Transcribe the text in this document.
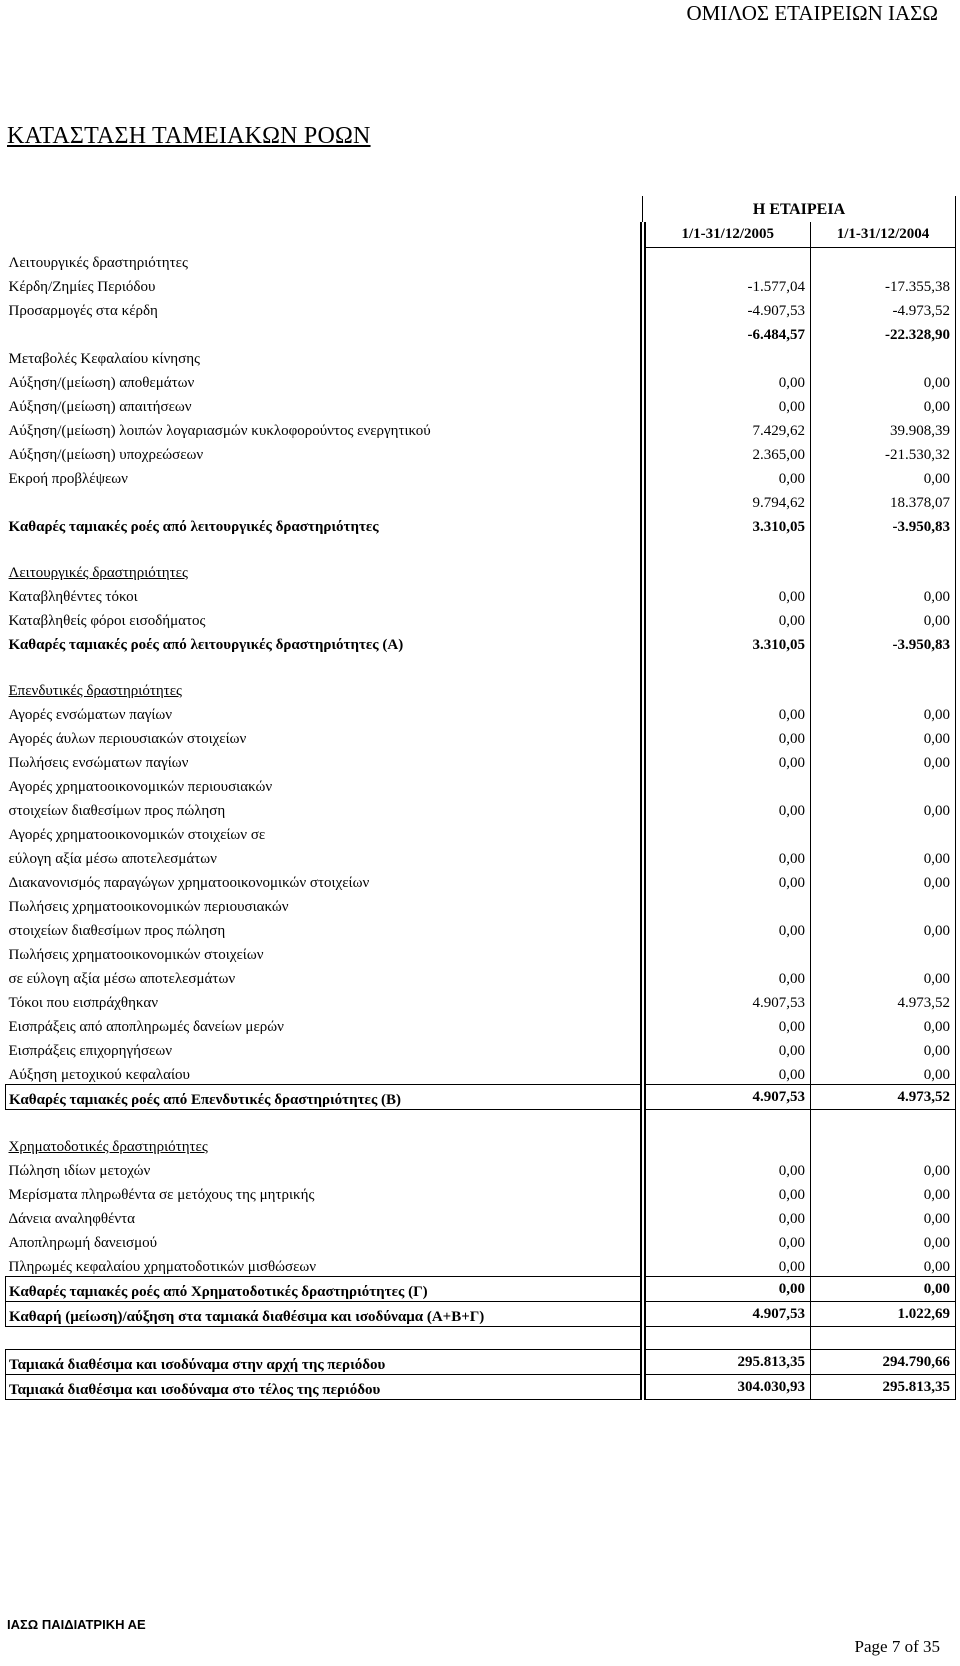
ΟΜΙΛΟΣ ΕΤΑΙΡΕΙΩΝ ΙΑΣΩ
ΚΑΤΑΣΤΑΣΗ ΤΑΜΕΙΑΚΩΝ ΡΟΩΝ
	Η ΕΤΑΙΡΕΙΑ	
	1/1-31/12/2005	1/1-31/12/2004
Λειτουργικές δραστηριότητες		
Κέρδη/Ζημίες Περιόδου	-1.577,04	-17.355,38
Προσαρμογές στα κέρδη	-4.907,53	-4.973,52
	-6.484,57	-22.328,90
Μεταβολές Κεφαλαίου κίνησης		
Αύξηση/(μείωση) αποθεμάτων	0,00	0,00
Αύξηση/(μείωση) απαιτήσεων	0,00	0,00
Αύξηση/(μείωση) λοιπών λογαριασμών κυκλοφορούντος ενεργητικού	7.429,62	39.908,39
Αύξηση/(μείωση) υποχρεώσεων	2.365,00	-21.530,32
Εκροή προβλέψεων	0,00	0,00
	9.794,62	18.378,07
Καθαρές ταμιακές ροές από λειτουργικές δραστηριότητες	3.310,05	-3.950,83

Λειτουργικές δραστηριότητες		
Καταβληθέντες τόκοι	0,00	0,00
Καταβληθείς φόροι εισοδήματος	0,00	0,00
Καθαρές ταμιακές ροές από λειτουργικές δραστηριότητες (Α)	3.310,05	-3.950,83

Επενδυτικές δραστηριότητες		
Αγορές ενσώματων παγίων	0,00	0,00
Αγορές άυλων περιουσιακών στοιχείων	0,00	0,00
Πωλήσεις ενσώματων παγίων	0,00	0,00
Αγορές χρηματοοικονομικών περιουσιακών		
στοιχείων διαθεσίμων προς πώληση	0,00	0,00
Αγορές χρηματοοικονομικών στοιχείων σε		
εύλογη αξία μέσω αποτελεσμάτων	0,00	0,00
Διακανονισμός παραγώγων χρηματοοικονομικών στοιχείων	0,00	0,00
Πωλήσεις χρηματοοικονομικών περιουσιακών		
στοιχείων διαθεσίμων προς πώληση	0,00	0,00
Πωλήσεις χρηματοοικονομικών στοιχείων		
σε εύλογη αξία μέσω αποτελεσμάτων	0,00	0,00
Τόκοι που εισπράχθηκαν	4.907,53	4.973,52
Εισπράξεις από αποπληρωμές δανείων μερών	0,00	0,00
Εισπράξεις επιχορηγήσεων	0,00	0,00
Αύξηση μετοχικού κεφαλαίου	0,00	0,00
Καθαρές ταμιακές ροές από Επενδυτικές δραστηριότητες (Β)	4.907,53	4.973,52

Χρηματοδοτικές δραστηριότητες		
Πώληση ιδίων μετοχών	0,00	0,00
Μερίσματα πληρωθέντα σε μετόχους της μητρικής	0,00	0,00
Δάνεια αναληφθέντα	0,00	0,00
Αποπληρωμή δανεισμού	0,00	0,00
Πληρωμές κεφαλαίου χρηματοδοτικών μισθώσεων	0,00	0,00
Καθαρές ταμιακές ροές από Χρηματοδοτικές δραστηριότητες (Γ)	0,00	0,00
Καθαρή (μείωση)/αύξηση στα ταμιακά διαθέσιμα και ισοδύναμα (Α+Β+Γ)	4.907,53	1.022,69

Ταμιακά διαθέσιμα και ισοδύναμα στην αρχή της περιόδου	295.813,35	294.790,66
Ταμιακά διαθέσιμα και ισοδύναμα στο τέλος της περιόδου	304.030,93	295.813,35
ΙΑΣΩ ΠΑΙΔΙΑΤΡΙΚΗ ΑΕ
Page 7 of 35
